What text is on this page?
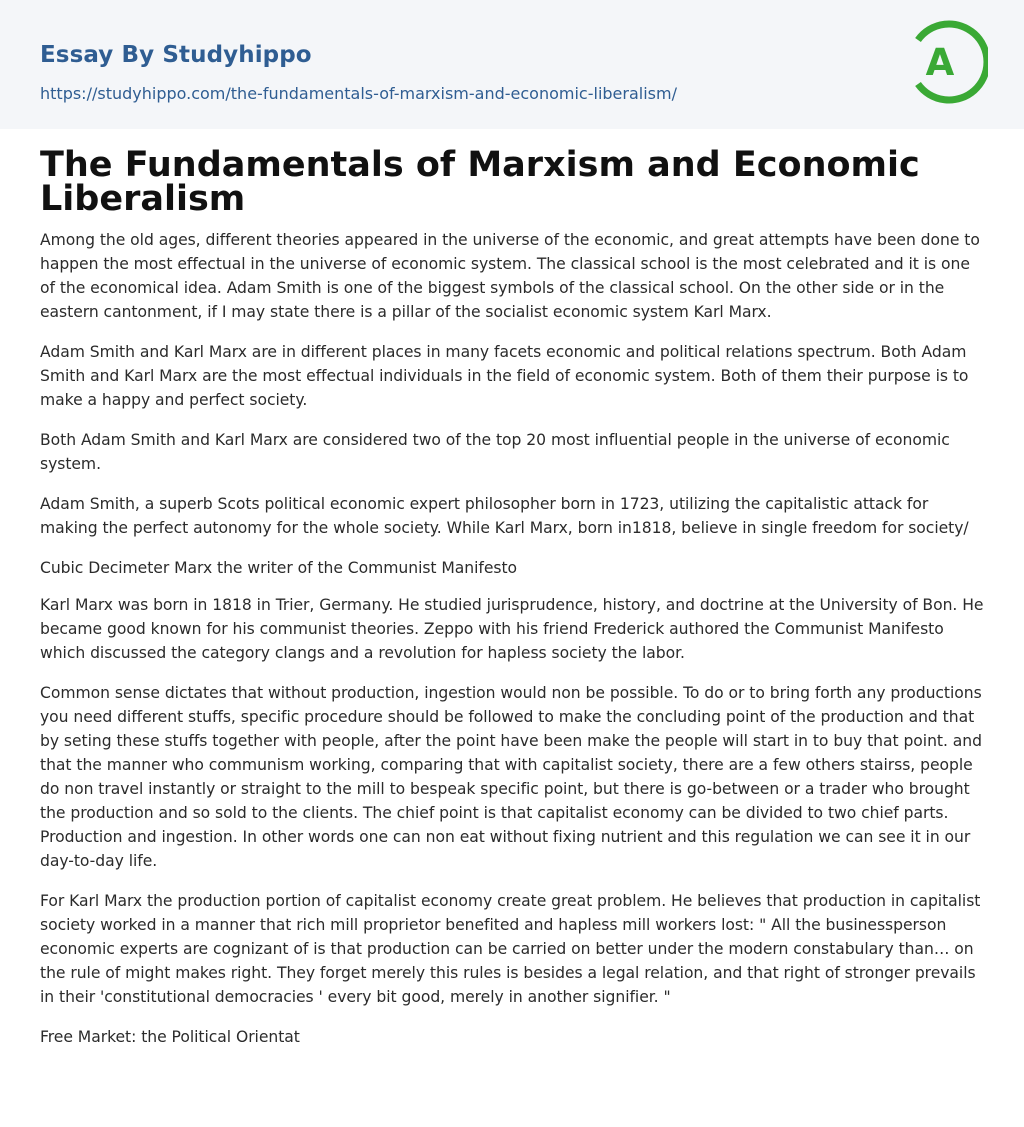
Essay By Studyhippo
https://studyhippo.com/the-fundamentals-of-marxism-and-economic-liberalism/
A
The Fundamentals of Marxism and Economic Liberalism

Among the old ages, different theories appeared in the universe of the economic, and great attempts have been done to happen the most effectual in the universe of economic system. The classical school is the most celebrated and it is one of the economical idea. Adam Smith is one of the biggest symbols of the classical school. On the other side or in the eastern cantonment, if I may state there is a pillar of the socialist economic system Karl Marx.

Adam Smith and Karl Marx are in different places in many facets economic and political relations spectrum. Both Adam Smith and Karl Marx are the most effectual individuals in the field of economic system. Both of them their purpose is to make a happy and perfect society.

Both Adam Smith and Karl Marx are considered two of the top 20 most influential people in the universe of economic system.

Adam Smith, a superb Scots political economic expert philosopher born in 1723, utilizing the capitalistic attack for making the perfect autonomy for the whole society. While Karl Marx, born in1818, believe in single freedom for society/

Cubic Decimeter Marx the writer of the Communist Manifesto

Karl Marx was born in 1818 in Trier, Germany. He studied jurisprudence, history, and doctrine at the University of Bon. He became good known for his communist theories. Zeppo with his friend Frederick authored the Communist Manifesto which discussed the category clangs and a revolution for hapless society the labor.

Common sense dictates that without production, ingestion would non be possible. To do or to bring forth any productions you need different stuffs, specific procedure should be followed to make the concluding point of the production and that by seting these stuffs together with people, after the point have been make the people will start in to buy that point. and that the manner who communism working, comparing that with capitalist society, there are a few others stairss, people do non travel instantly or straight to the mill to bespeak specific point, but there is go-between or a trader who brought the production and so sold to the clients. The chief point is that capitalist economy can be divided to two chief parts. Production and ingestion. In other words one can non eat without fixing nutrient and this regulation we can see it in our day-to-day life.

For Karl Marx the production portion of capitalist economy create great problem. He believes that production in capitalist society worked in a manner that rich mill proprietor benefited and hapless mill workers lost: " All the businessperson economic experts are cognizant of is that production can be carried on better under the modern constabulary than… on the rule of might makes right. They forget merely this rules is besides a legal relation, and that right of stronger prevails in their 'constitutional democracies ' every bit good, merely in another signifier. "

Free Market: the Political Orientat
